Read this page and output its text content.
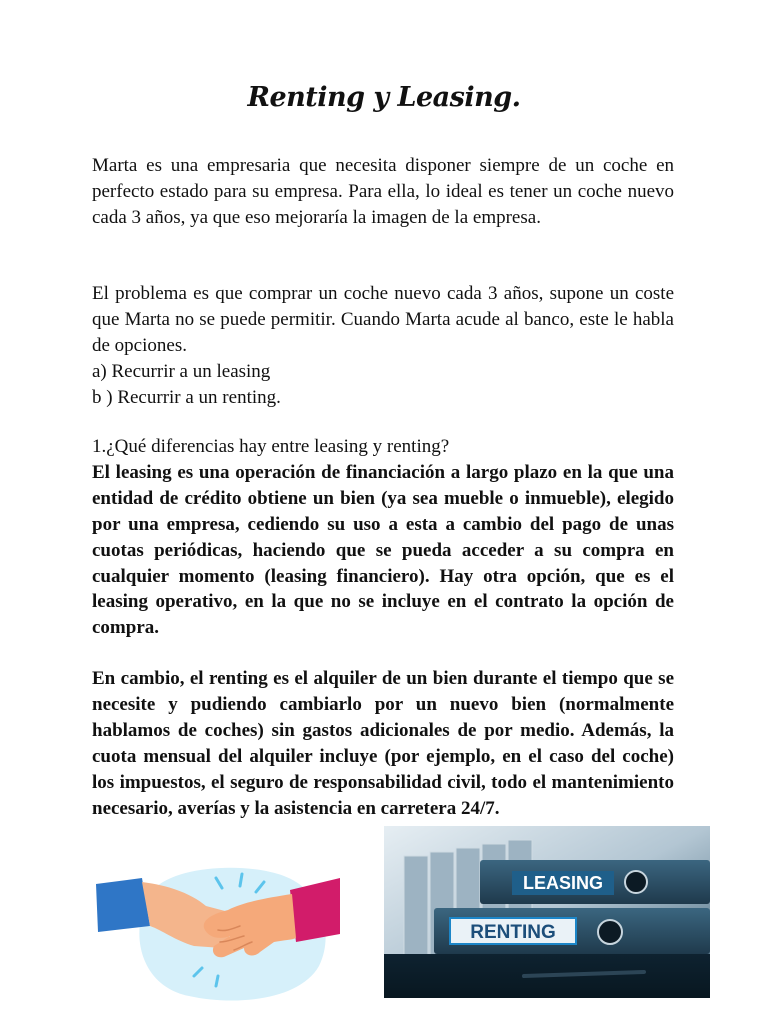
Renting y Leasing.
Marta es una empresaria que necesita disponer siempre de un coche en perfecto estado para su empresa. Para ella, lo ideal es tener un coche nuevo cada 3 años, ya que eso mejoraría la imagen de la empresa.
El problema es que comprar un coche nuevo cada 3 años, supone un coste que Marta no se puede permitir. Cuando Marta acude al banco, este le habla de opciones.
a) Recurrir a un leasing
b ) Recurrir a un renting.
1.¿Qué diferencias hay entre leasing y renting?
El leasing es una operación de financiación a largo plazo en la que una entidad de crédito obtiene un bien (ya sea mueble o inmueble), elegido por una empresa, cediendo su uso a esta a cambio del pago de unas cuotas periódicas, haciendo que se pueda acceder a su compra en cualquier momento (leasing financiero). Hay otra opción, que es el leasing operativo, en la que no se incluye en el contrato la opción de compra.
En cambio, el renting es el alquiler de un bien durante el tiempo que se necesite y pudiendo cambiarlo por un nuevo bien (normalmente hablamos de coches) sin gastos adicionales de por medio. Además, la cuota mensual del alquiler incluye (por ejemplo, en el caso del coche) los impuestos, el seguro de responsabilidad civil, todo el mantenimiento necesario, averías y la asistencia en carretera 24/7.
LEASING
RENTING
